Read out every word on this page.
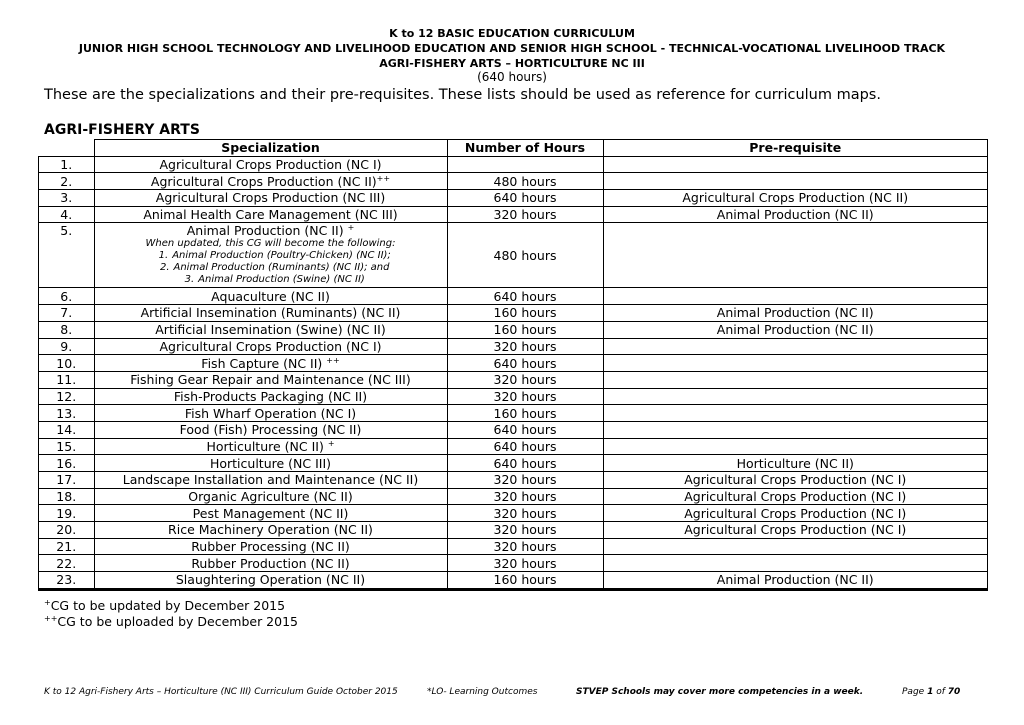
K to 12 BASIC EDUCATION CURRICULUM
JUNIOR HIGH SCHOOL TECHNOLOGY AND LIVELIHOOD EDUCATION AND SENIOR HIGH SCHOOL - TECHNICAL-VOCATIONAL LIVELIHOOD TRACK
AGRI-FISHERY ARTS – HORTICULTURE NC III
(640 hours)
These are the specializations and their pre-requisites. These lists should be used as reference for curriculum maps.
AGRI-FISHERY ARTS
	Specialization	Number of Hours	Pre-requisite
1.	Agricultural Crops Production (NC I)		
2.	Agricultural Crops Production (NC II)++	480 hours	
3.	Agricultural Crops Production (NC III)	640 hours	Agricultural Crops Production (NC II)
4.	Animal Health Care Management (NC III)	320 hours	Animal Production (NC II)
5.	Animal Production (NC II) +
When updated, this CG will become the following:
1. Animal Production (Poultry-Chicken) (NC II);
2. Animal Production (Ruminants) (NC II); and
3. Animal Production (Swine) (NC II)	480 hours	
6.	Aquaculture (NC II)	640 hours	
7.	Artificial Insemination (Ruminants) (NC II)	160 hours	Animal Production (NC II)
8.	Artificial Insemination (Swine) (NC II)	160 hours	Animal Production (NC II)
9.	Agricultural Crops Production (NC I)	320 hours	
10.	Fish Capture (NC II) ++	640 hours	
11.	Fishing Gear Repair and Maintenance (NC III)	320 hours	
12.	Fish-Products Packaging (NC II)	320 hours	
13.	Fish Wharf Operation (NC I)	160 hours	
14.	Food (Fish) Processing (NC II)	640 hours	
15.	Horticulture (NC II) +	640 hours	
16.	Horticulture (NC III)	640 hours	Horticulture (NC II)
17.	Landscape Installation and Maintenance (NC II)	320 hours	Agricultural Crops Production (NC I)
18.	Organic Agriculture (NC II)	320 hours	Agricultural Crops Production (NC I)
19.	Pest Management (NC II)	320 hours	Agricultural Crops Production (NC I)
20.	Rice Machinery Operation (NC II)	320 hours	Agricultural Crops Production (NC I)
21.	Rubber Processing (NC II)	320 hours	
22.	Rubber Production (NC II)	320 hours	
23.	Slaughtering Operation (NC II)	160 hours	Animal Production (NC II)
+CG to be updated by December 2015
++CG to be uploaded by December 2015
K to 12 Agri-Fishery Arts – Horticulture (NC III) Curriculum Guide October 2015	*LO- Learning Outcomes	STVEP Schools may cover more competencies in a week.	Page 1 of 70
